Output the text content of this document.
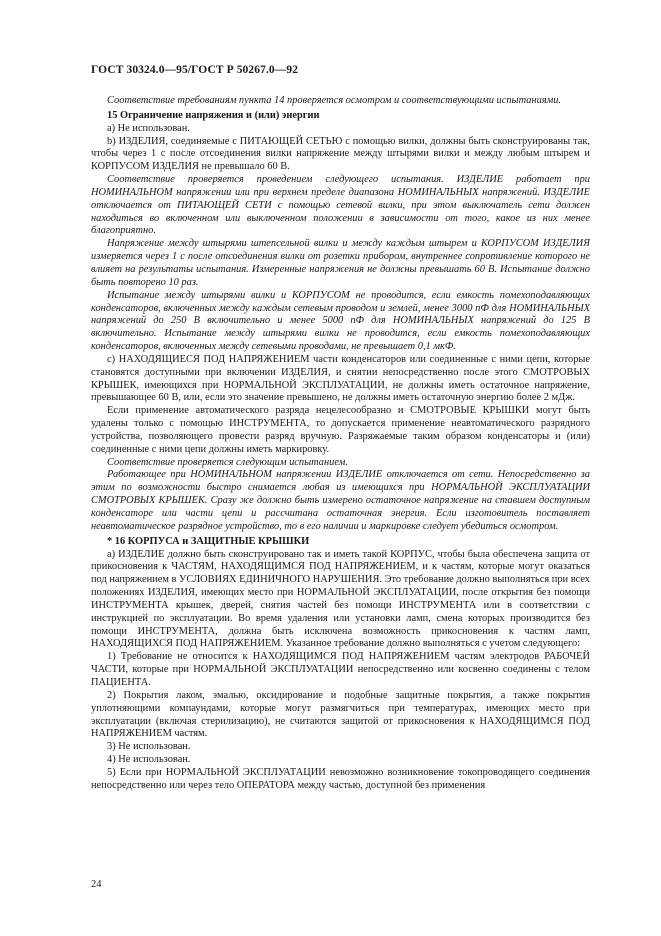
ГОСТ 30324.0—95/ГОСТ Р 50267.0—92

Соответствие требованиям пункта 14 проверяется осмотром и соответствующими испытаниями.

15 Ограничение напряжения и (или) энергии

а) Не использован.

b) ИЗДЕЛИЯ, соединяемые с ПИТАЮЩЕЙ СЕТЬЮ с помощью вилки, должны быть сконструированы так, чтобы через 1 с после отсоединения вилки напряжение между штырями вилки и между любым штырем и КОРПУСОМ ИЗДЕЛИЯ не превышало 60 В.

Соответствие проверяется проведением следующего испытания. ИЗДЕЛИЕ работает при НОМИНАЛЬНОМ напряжении или при верхнем пределе диапазона НОМИНАЛЬНЫХ напряжений. ИЗДЕЛИЕ отключается от ПИТАЮЩЕЙ СЕТИ с помощью сетевой вилки, при этом выключатель сети должен находиться во включенном или выключенном положении в зависимости от того, какое из них менее благоприятно.

Напряжение между штырями штепсельной вилки и между каждым штырем и КОРПУСОМ ИЗДЕЛИЯ измеряется через 1 с после отсоединения вилки от розетки прибором, внутреннее сопротивление которого не влияет на результаты испытания. Измеренные напряжения не должны превышать 60 В. Испытание должно быть повторено 10 раз.

Испытание между штырями вилки и КОРПУСОМ не проводится, если емкость помехоподавляющих конденсаторов, включенных между каждым сетевым проводом и землей, менее 3000 пФ для НОМИНАЛЬНЫХ напряжений до 250 В включительно и менее 5000 пФ для НОМИНАЛЬНЫХ напряжений до 125 В включительно. Испытание между штырями вилки не проводится, если емкость помехоподавляющих конденсаторов, включенных между сетевыми проводами, не превышает 0,1 мкФ.

с) НАХОДЯЩИЕСЯ ПОД НАПРЯЖЕНИЕМ части конденсаторов или соединенные с ними цепи, которые становятся доступными при включении ИЗДЕЛИЯ, и снятии непосредственно после этого СМОТРОВЫХ КРЫШЕК, имеющихся при НОРМАЛЬНОЙ ЭКСПЛУАТАЦИИ, не должны иметь остаточное напряжение, превышающее 60 В, или, если это значение превышено, не должны иметь остаточную энергию более 2 мДж.

Если применение автоматического разряда нецелесообразно и СМОТРОВЫЕ КРЫШКИ могут быть удалены только с помощью ИНСТРУМЕНТА, то допускается применение неавтоматического разрядного устройства, позволяющего провести разряд вручную. Разряжаемые таким образом конденсаторы и (или) соединенные с ними цепи должны иметь маркировку.

Соответствие проверяется следующим испытанием.

Работающее при НОМИНАЛЬНОМ напряжении ИЗДЕЛИЕ отключается от сети. Непосредственно за этим по возможности быстро снимается любая из имеющихся при НОРМАЛЬНОЙ ЭКСПЛУАТАЦИИ СМОТРОВЫХ КРЫШЕК. Сразу же должно быть измерено остаточное напряжение на ставшем доступным конденсаторе или части цепи и рассчитана остаточная энергия. Если изготовитель поставляет неавтоматическое разрядное устройство, то в его наличии и маркировке следует убедиться осмотром.

* 16 КОРПУСА и ЗАЩИТНЫЕ КРЫШКИ

а) ИЗДЕЛИЕ должно быть сконструировано так и иметь такой КОРПУС, чтобы была обеспечена защита от прикосновения к ЧАСТЯМ, НАХОДЯЩИМСЯ ПОД НАПРЯЖЕНИЕМ, и к частям, которые могут оказаться под напряжением в УСЛОВИЯХ ЕДИНИЧНОГО НАРУШЕНИЯ. Это требование должно выполняться при всех положениях ИЗДЕЛИЯ, имеющих место при НОРМАЛЬНОЙ ЭКСПЛУАТАЦИИ, после открытия без помощи ИНСТРУМЕНТА крышек, дверей, снятия частей без помощи ИНСТРУМЕНТА или в соответствии с инструкцией по эксплуатации. Во время удаления или установки ламп, смена которых производится без помощи ИНСТРУМЕНТА, должна быть исключена возможность прикосновения к частям ламп, НАХОДЯЩИХСЯ ПОД НАПРЯЖЕНИЕМ. Указанное требование должно выполняться с учетом следующего:

1) Требование не относится к НАХОДЯЩИМСЯ ПОД НАПРЯЖЕНИЕМ частям электродов РАБОЧЕЙ ЧАСТИ, которые при НОРМАЛЬНОЙ ЭКСПЛУАТАЦИИ непосредственно или косвенно соединены с телом ПАЦИЕНТА.

2) Покрытия лаком, эмалью, оксидирование и подобные защитные покрытия, а также покрытия уплотняющими компаундами, которые могут размягчиться при температурах, имеющих место при эксплуатации (включая стерилизацию), не считаются защитой от прикосновения к НАХОДЯЩИМСЯ ПОД НАПРЯЖЕНИЕМ частям.

3) Не использован.

4) Не использован.

5) Если при НОРМАЛЬНОЙ ЭКСПЛУАТАЦИИ невозможно возникновение токопроводящего соединения непосредственно или через тело ОПЕРАТОРА между частью, доступной без применения

24
